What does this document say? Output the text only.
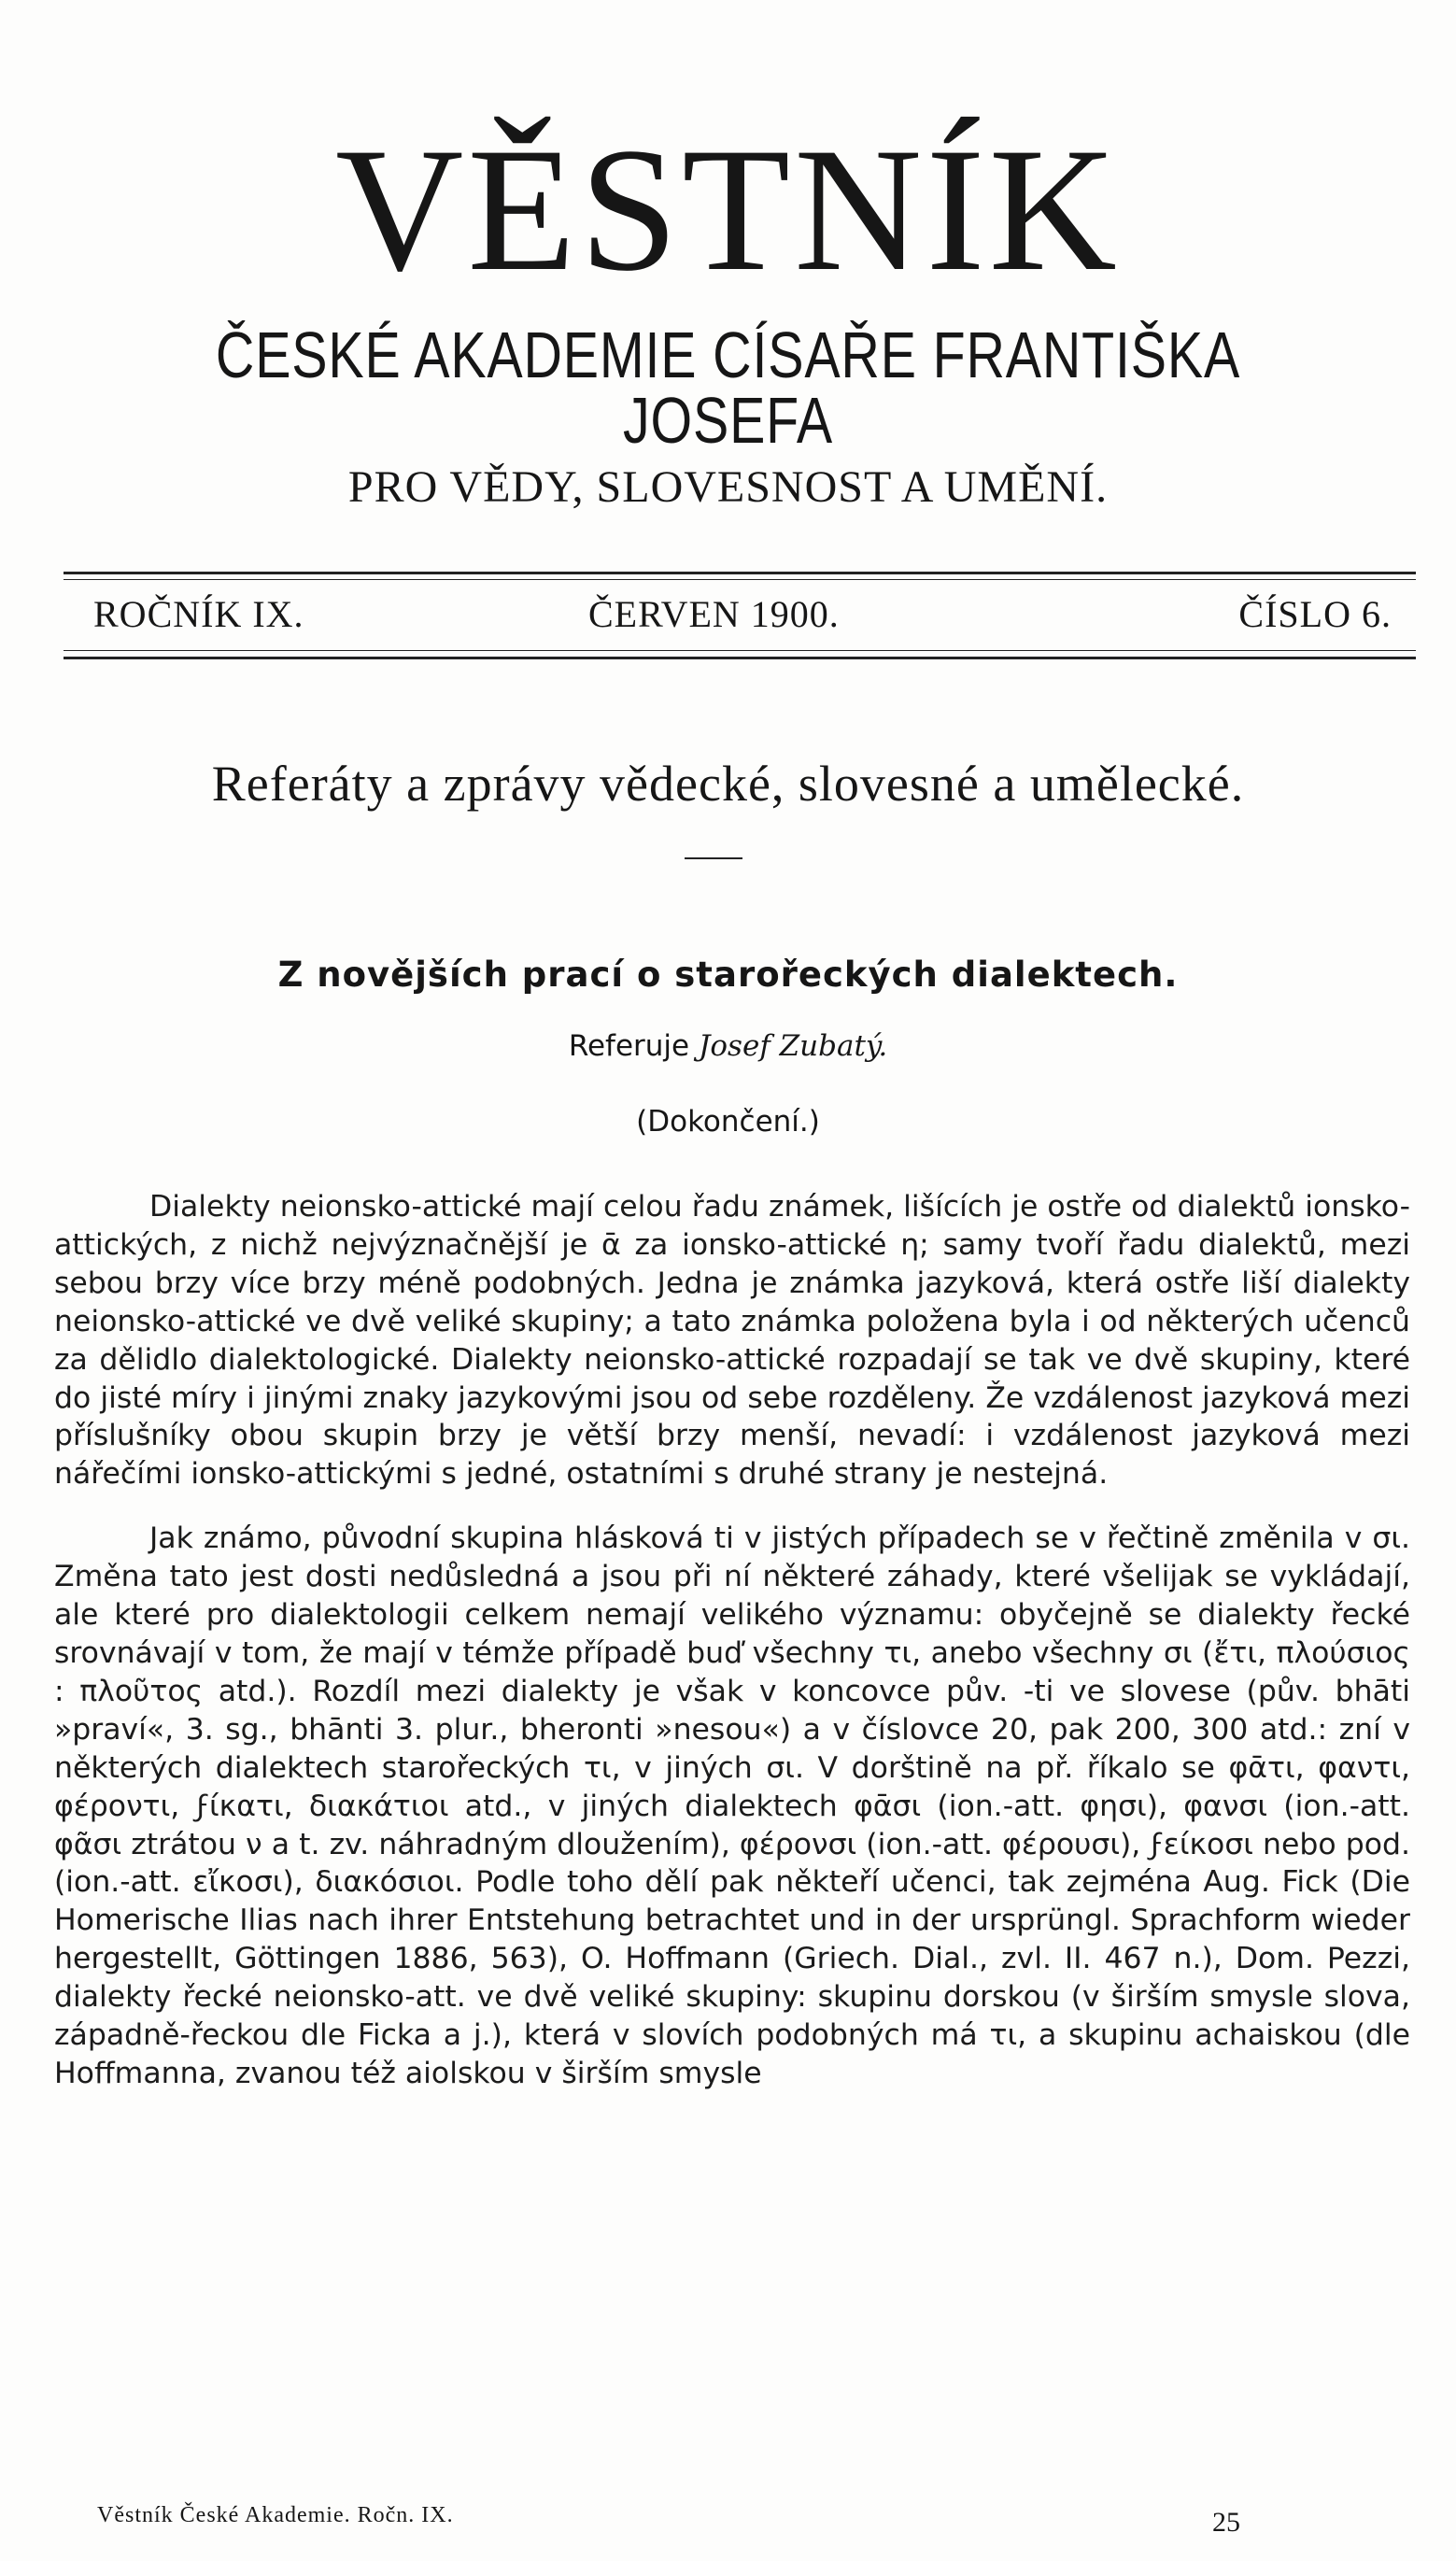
VĚSTNÍK
ČESKÉ AKADEMIE CÍSAŘE FRANTIŠKA JOSEFA
PRO VĚDY, SLOVESNOST A UMĚNÍ.
ROČNÍK IX.	ČERVEN 1900.	ČÍSLO 6.
Referáty a zprávy vědecké, slovesné a umělecké.
Z novějších prací o starořeckých dialektech.
Referuje Josef Zubatý.
(Dokončení.)

Dialekty neionsko-attické mají celou řadu známek, lišících je ostře od dialektů ionsko-attických, z nichž nejvýznačnější je ᾱ za ionsko-attické η; samy tvoří řadu dialektů, mezi sebou brzy více brzy méně podobných. Jedna je známka jazyková, která ostře liší dialekty neionsko-attické ve dvě veliké skupiny; a tato známka položena byla i od některých učenců za dělidlo dialektologické. Dialekty neionsko-attické rozpadají se tak ve dvě skupiny, které do jisté míry i jinými znaky jazykovými jsou od sebe rozděleny. Že vzdálenost jazyková mezi příslušníky obou skupin brzy je větší brzy menší, nevadí: i vzdálenost jazyková mezi nářečími ionsko-attickými s jedné, ostatními s druhé strany je nestejná.

Jak známo, původní skupina hlásková ti v jistých případech se v řečtině změnila v σι. Změna tato jest dosti nedůsledná a jsou při ní některé záhady, které všelijak se vykládají, ale které pro dialektologii celkem nemají velikého významu: obyčejně se dialekty řecké srovnávají v tom, že mají v témže případě buď všechny τι, anebo všechny σι (ἔτι, πλούσιος : πλοῦτος atd.). Rozdíl mezi dialekty je však v koncovce pův. -ti ve slovese (pův. bhāti »praví«, 3. sg., bhānti 3. plur., bheronti »nesou«) a v číslovce 20, pak 200, 300 atd.: zní v některých dialektech starořeckých τι, v jiných σι. V dorštině na př. říkalo se φᾱτι, φαντι, φέροντι, ϝίκατι, διακάτιοι atd., v jiných dialektech φᾱσι (ion.-att. φησι), φανσι (ion.-att. φᾶσι ztrátou ν a t. zv. náhradným dloužením), φέρονσι (ion.-att. φέρουσι), ϝείκοσι nebo pod. (ion.-att. εἴκοσι), διακόσιοι. Podle toho dělí pak někteří učenci, tak zejména Aug. Fick (Die Homerische Ilias nach ihrer Entstehung betrachtet und in der ursprüngl. Sprachform wieder hergestellt, Göttingen 1886, 563), O. Hoffmann (Griech. Dial., zvl. II. 467 n.), Dom. Pezzi, dialekty řecké neionsko-att. ve dvě veliké skupiny: skupinu dorskou (v širším smysle slova, západně-řeckou dle Ficka a j.), která v slovích podobných má τι, a skupinu achaiskou (dle Hoffmanna, zvanou též aiolskou v širším smysle

Věstník České Akademie. Ročn. IX.	25
